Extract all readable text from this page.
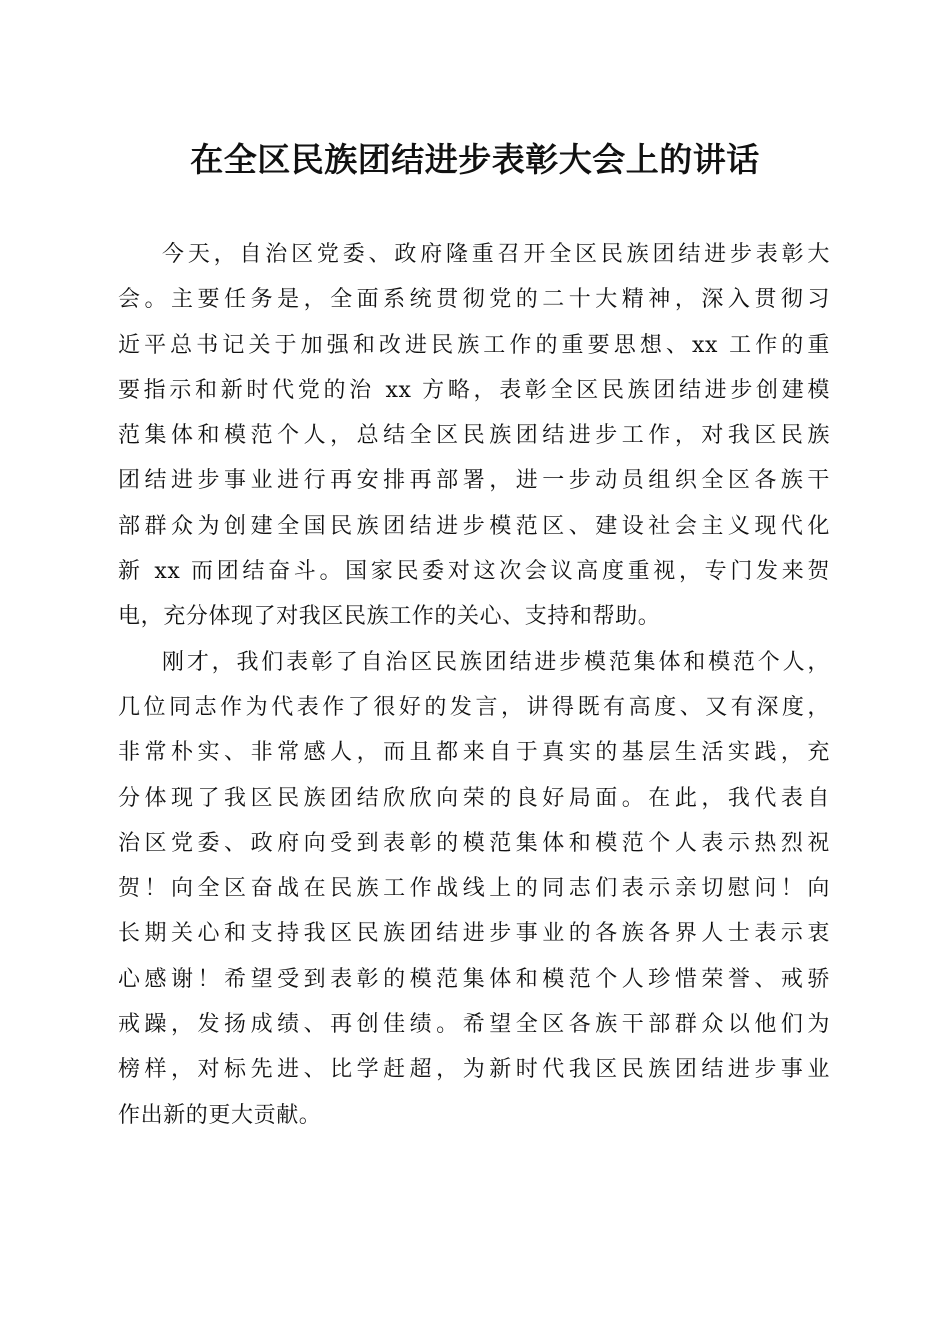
在全区民族团结进步表彰大会上的讲话
今天，自治区党委、政府隆重召开全区民族团结进步表彰大
会。主要任务是，全面系统贯彻党的二十大精神，深入贯彻习
近平总书记关于加强和改进民族工作的重要思想、xx 工作的重
要指示和新时代党的治 xx 方略，表彰全区民族团结进步创建模
范集体和模范个人，总结全区民族团结进步工作，对我区民族
团结进步事业进行再安排再部署，进一步动员组织全区各族干
部群众为创建全国民族团结进步模范区、建设社会主义现代化
新 xx 而团结奋斗。国家民委对这次会议高度重视，专门发来贺
电，充分体现了对我区民族工作的关心、支持和帮助。
刚才，我们表彰了自治区民族团结进步模范集体和模范个人，
几位同志作为代表作了很好的发言，讲得既有高度、又有深度，
非常朴实、非常感人，而且都来自于真实的基层生活实践，充
分体现了我区民族团结欣欣向荣的良好局面。在此，我代表自
治区党委、政府向受到表彰的模范集体和模范个人表示热烈祝
贺！向全区奋战在民族工作战线上的同志们表示亲切慰问！向
长期关心和支持我区民族团结进步事业的各族各界人士表示衷
心感谢！希望受到表彰的模范集体和模范个人珍惜荣誉、戒骄
戒躁，发扬成绩、再创佳绩。希望全区各族干部群众以他们为
榜样，对标先进、比学赶超，为新时代我区民族团结进步事业
作出新的更大贡献。
